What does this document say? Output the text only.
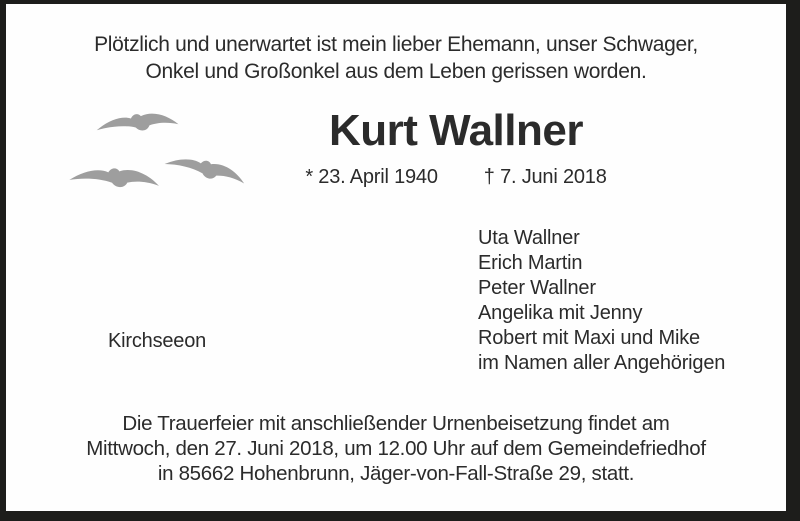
Plötzlich und unerwartet ist mein lieber Ehemann, unser Schwager,
Onkel und Großonkel aus dem Leben gerissen worden.
Kurt Wallner
* 23. April 1940 † 7. Juni 2018
Uta Wallner
Erich Martin
Peter Wallner
Angelika mit Jenny
Robert mit Maxi und Mike
im Namen aller Angehörigen
Kirchseeon
Die Trauerfeier mit anschließender Urnenbeisetzung findet am
Mittwoch, den 27. Juni 2018, um 12.00 Uhr auf dem Gemeindefriedhof
in 85662 Hohenbrunn, Jäger-von-Fall-Straße 29, statt.
